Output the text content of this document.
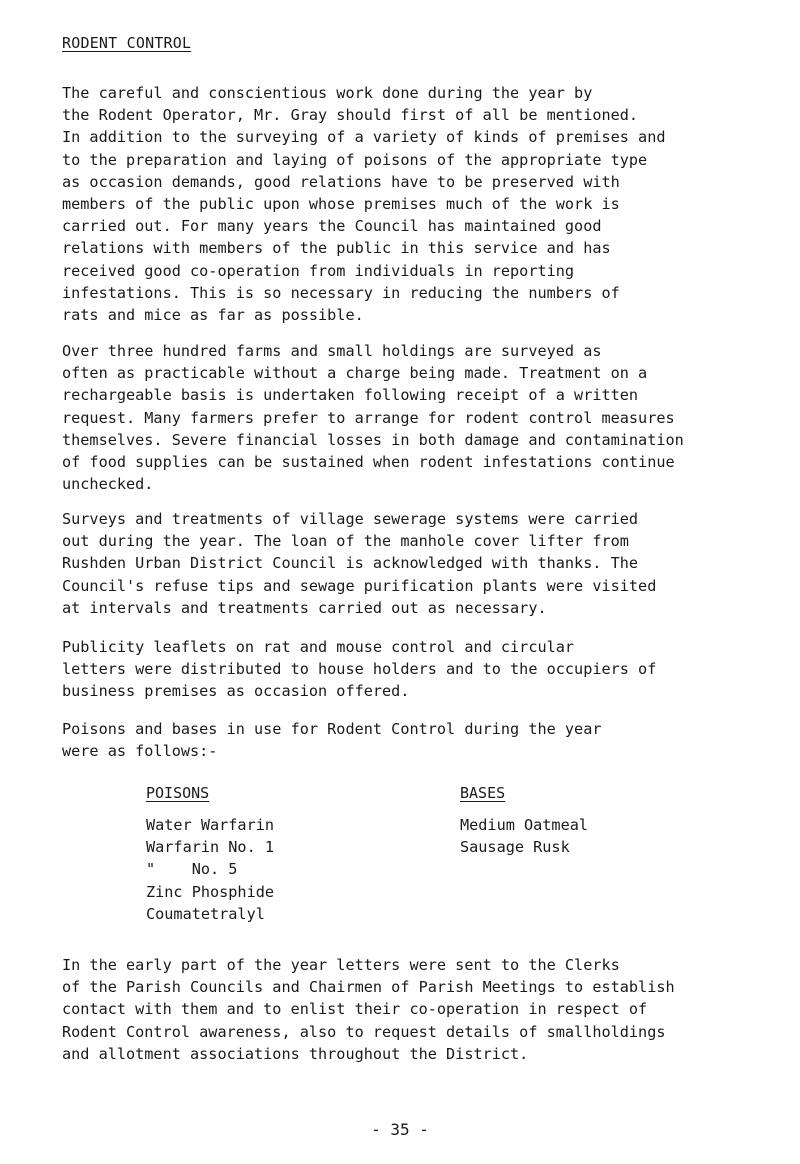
RODENT CONTROL

The careful and conscientious work done during the year by
the Rodent Operator, Mr. Gray should first of all be mentioned.
In addition to the surveying of a variety of kinds of premises and
to the preparation and laying of poisons of the appropriate type
as occasion demands, good relations have to be preserved with
members of the public upon whose premises much of the work is
carried out. For many years the Council has maintained good
relations with members of the public in this service and has
received good co-operation from individuals in reporting
infestations. This is so necessary in reducing the numbers of
rats and mice as far as possible.

Over three hundred farms and small holdings are surveyed as
often as practicable without a charge being made. Treatment on a
rechargeable basis is undertaken following receipt of a written
request. Many farmers prefer to arrange for rodent control measures
themselves. Severe financial losses in both damage and contamination
of food supplies can be sustained when rodent infestations continue
unchecked.

Surveys and treatments of village sewerage systems were carried
out during the year. The loan of the manhole cover lifter from
Rushden Urban District Council is acknowledged with thanks. The
Council's refuse tips and sewage purification plants were visited
at intervals and treatments carried out as necessary.

Publicity leaflets on rat and mouse control and circular
letters were distributed to house holders and to the occupiers of
business premises as occasion offered.

Poisons and bases in use for Rodent Control during the year
were as follows:-

POISONS
Water Warfarin
Warfarin No. 1
"    No. 5
Zinc Phosphide
Coumatetralyl
BASES
Medium Oatmeal
Sausage Rusk

In the early part of the year letters were sent to the Clerks
of the Parish Councils and Chairmen of Parish Meetings to establish
contact with them and to enlist their co-operation in respect of
Rodent Control awareness, also to request details of smallholdings
and allotment associations throughout the District.

- 35 -
